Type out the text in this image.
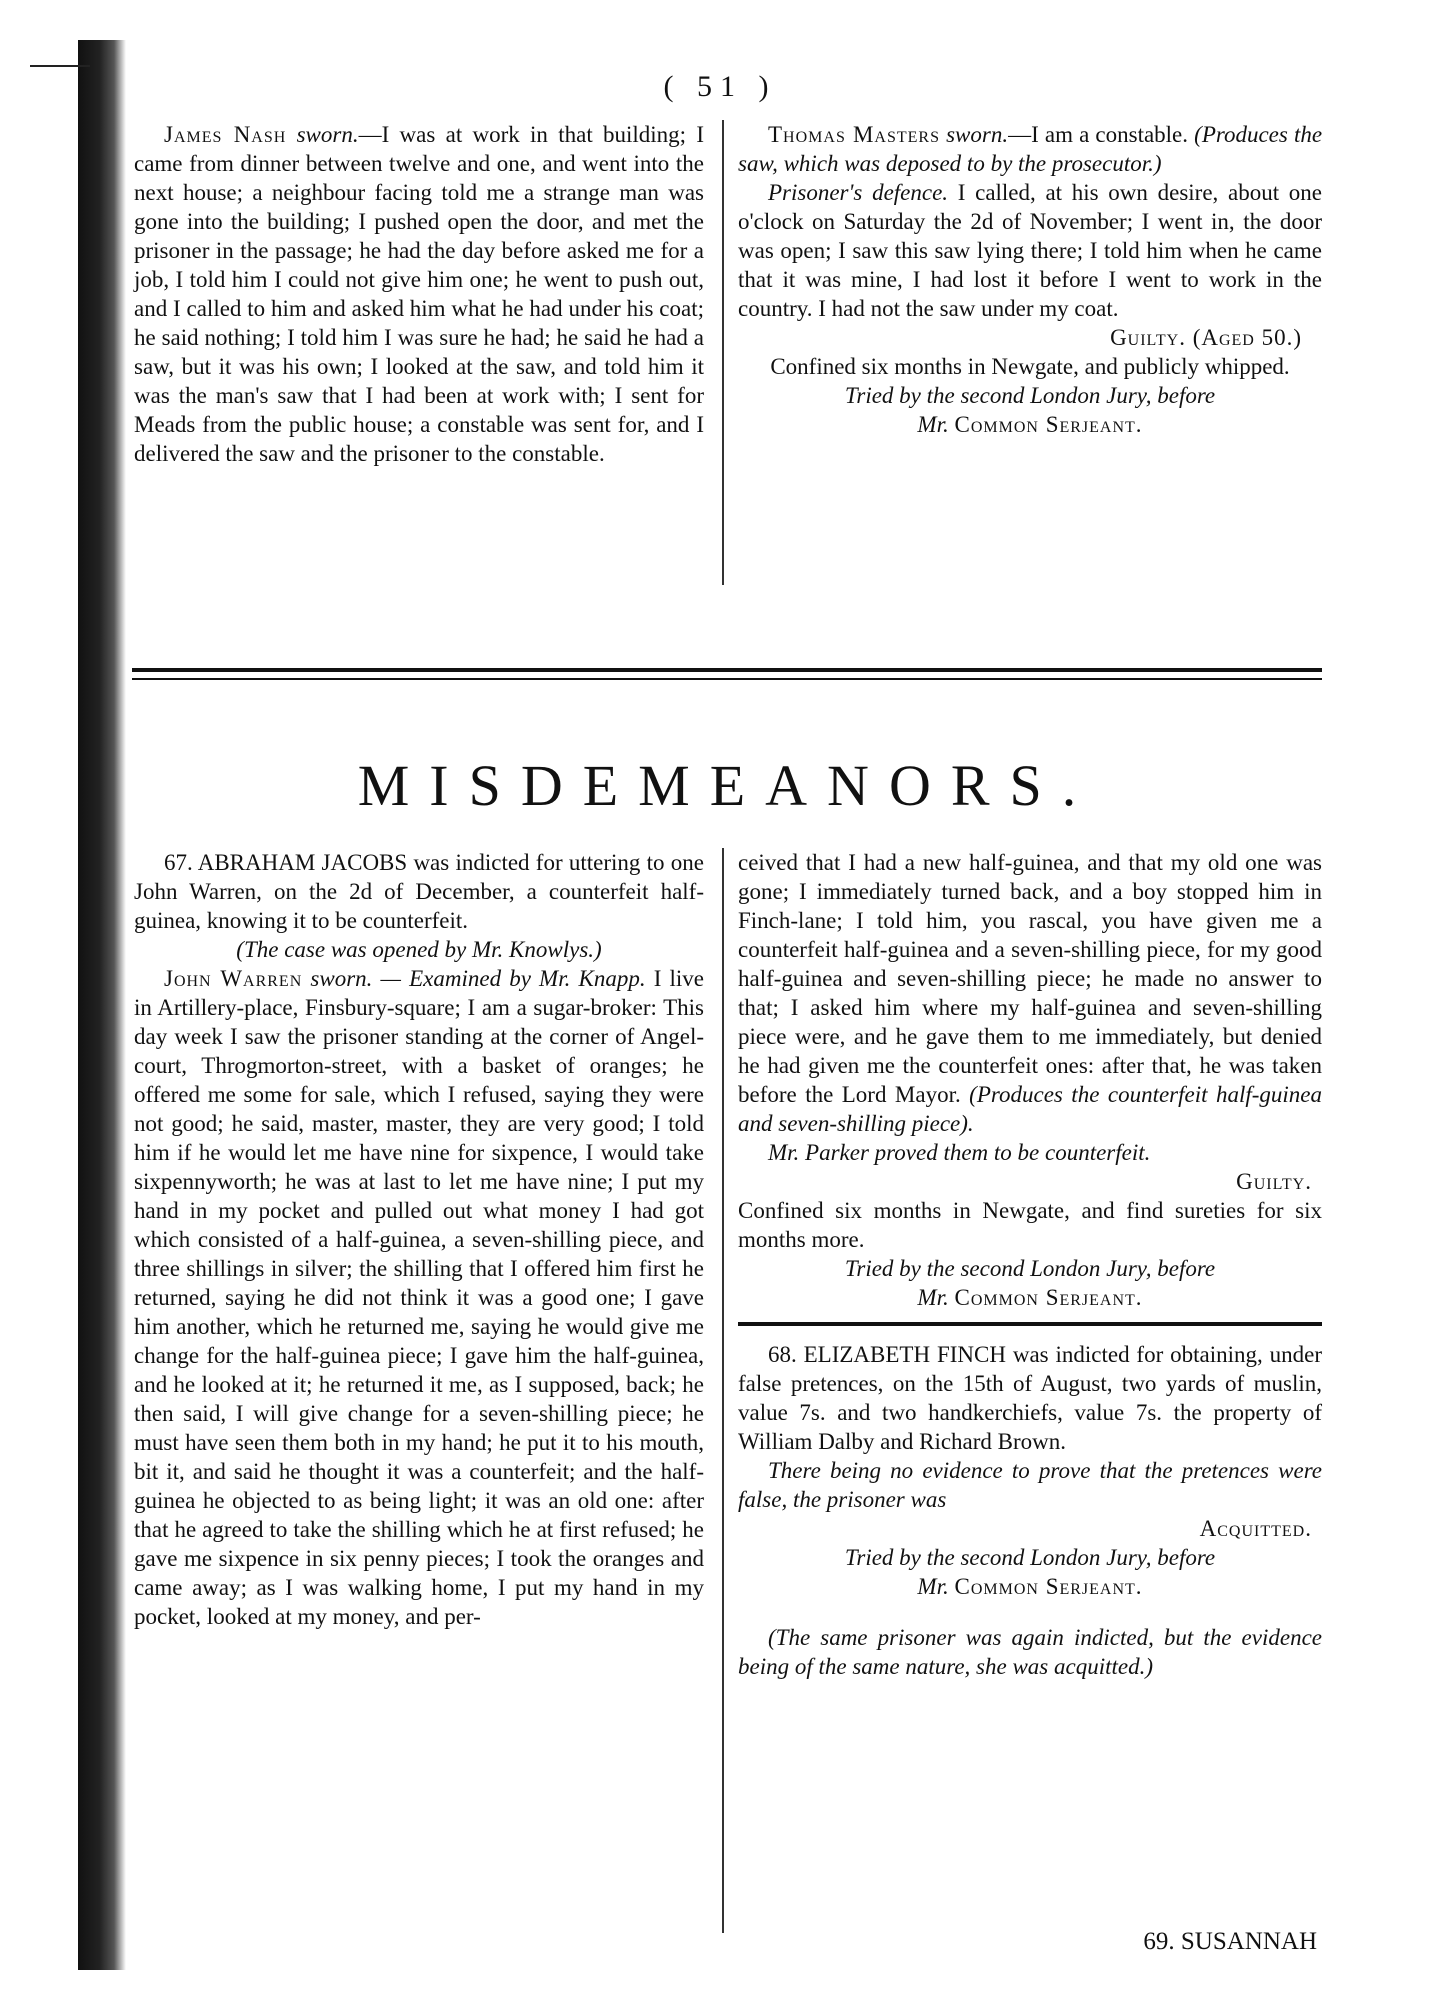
( 51 )

James Nash sworn.—I was at work in that building; I came from dinner between twelve and one, and went into the next house; a neighbour facing told me a strange man was gone into the building; I pushed open the door, and met the prisoner in the passage; he had the day before asked me for a job, I told him I could not give him one; he went to push out, and I called to him and asked him what he had under his coat; he said nothing; I told him I was sure he had; he said he had a saw, but it was his own; I looked at the saw, and told him it was the man's saw that I had been at work with; I sent for Meads from the public house; a constable was sent for, and I delivered the saw and the prisoner to the constable.

Thomas Masters sworn.—I am a constable. (Produces the saw, which was deposed to by the prosecutor.)

Prisoner's defence. I called, at his own desire, about one o'clock on Saturday the 2d of November; I went in, the door was open; I saw this saw lying there; I told him when he came that it was mine, I had lost it before I went to work in the country. I had not the saw under my coat.

Guilty. (Aged 50.)

Confined six months in Newgate, and publicly whipped.

Tried by the second London Jury, before

Mr. Common Serjeant.

MISDEMEANORS.

67. ABRAHAM JACOBS was indicted for uttering to one John Warren, on the 2d of December, a counterfeit half-guinea, knowing it to be counterfeit.

(The case was opened by Mr. Knowlys.)

John Warren sworn. — Examined by Mr. Knapp. I live in Artillery-place, Finsbury-square; I am a sugar-broker: This day week I saw the prisoner standing at the corner of Angel-court, Throgmorton-street, with a basket of oranges; he offered me some for sale, which I refused, saying they were not good; he said, master, master, they are very good; I told him if he would let me have nine for sixpence, I would take sixpennyworth; he was at last to let me have nine; I put my hand in my pocket and pulled out what money I had got which consisted of a half-guinea, a seven-shilling piece, and three shillings in silver; the shilling that I offered him first he returned, saying he did not think it was a good one; I gave him another, which he returned me, saying he would give me change for the half-guinea piece; I gave him the half-guinea, and he looked at it; he returned it me, as I supposed, back; he then said, I will give change for a seven-shilling piece; he must have seen them both in my hand; he put it to his mouth, bit it, and said he thought it was a counterfeit; and the half-guinea he objected to as being light; it was an old one: after that he agreed to take the shilling which he at first refused; he gave me sixpence in six penny pieces; I took the oranges and came away; as I was walking home, I put my hand in my pocket, looked at my money, and per-

ceived that I had a new half-guinea, and that my old one was gone; I immediately turned back, and a boy stopped him in Finch-lane; I told him, you rascal, you have given me a counterfeit half-guinea and a seven-shilling piece, for my good half-guinea and seven-shilling piece; he made no answer to that; I asked him where my half-guinea and seven-shilling piece were, and he gave them to me immediately, but denied he had given me the counterfeit ones: after that, he was taken before the Lord Mayor. (Produces the counterfeit half-guinea and seven-shilling piece).

Mr. Parker proved them to be counterfeit.

Guilty.

Confined six months in Newgate, and find sureties for six months more.

Tried by the second London Jury, before

Mr. Common Serjeant.

68. ELIZABETH FINCH was indicted for obtaining, under false pretences, on the 15th of August, two yards of muslin, value 7s. and two handkerchiefs, value 7s. the property of William Dalby and Richard Brown.

There being no evidence to prove that the pretences were false, the prisoner was

Acquitted.

Tried by the second London Jury, before

Mr. Common Serjeant.

(The same prisoner was again indicted, but the evidence being of the same nature, she was acquitted.)

69. SUSANNAH
